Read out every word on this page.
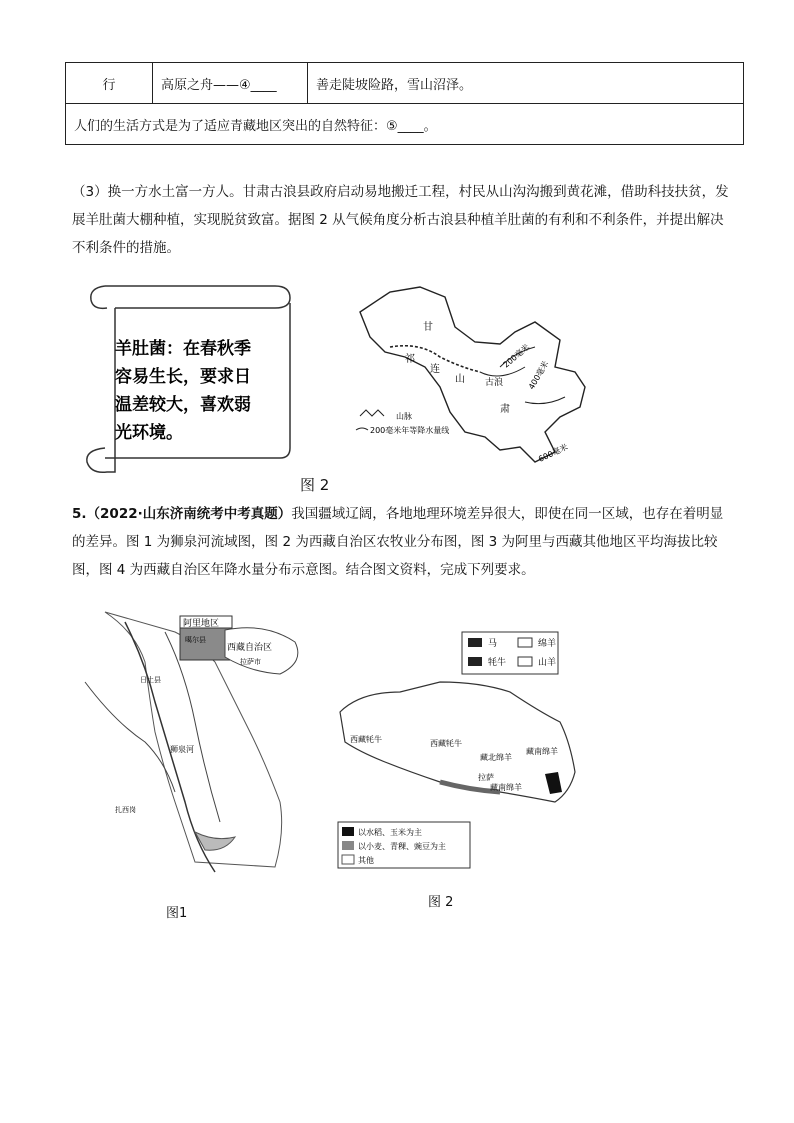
行	高原之舟——④____	善走陡坡险路，雪山沼泽。
人们的生活方式是为了适应青藏地区突出的自然特征：⑤____。
（3）换一方水土富一方人。甘肃古浪县政府启动易地搬迁工程，村民从山沟沟搬到黄花滩，借助科技扶贫，发展羊肚菌大棚种植，实现脱贫致富。据图 2 从气候角度分析古浪县种植羊肚菌的有利和不利条件，并提出解决不利条件的措施。
羊肚菌：在春秋季
容易生长，要求日
温差较大，喜欢弱
光环境。
甘
祁
连
山 古浪
肃
200毫米
400毫米
600毫米
山脉
200毫米年等降水量线
图 2
5.（2022·山东济南统考中考真题）我国疆域辽阔，各地地理环境差异很大，即使在同一区域，也存在着明显的差异。图 1 为狮泉河流域图，图 2 为西藏自治区农牧业分布图，图 3 为阿里与西藏其他地区平均海拔比较图，图 4 为西藏自治区年降水量分布示意图。结合图文资料，完成下列要求。
阿里地区
西藏自治区
噶尔县
日土县
拉萨市
狮泉河
扎西岗
图1
马	绵羊
牦牛	山羊
西藏牦牛	西藏牦牛
藏北绵羊
藏南绵羊
藏南绵羊
拉萨
以水稻、玉米为主
以小麦、青稞、豌豆为主
其他
图 2
